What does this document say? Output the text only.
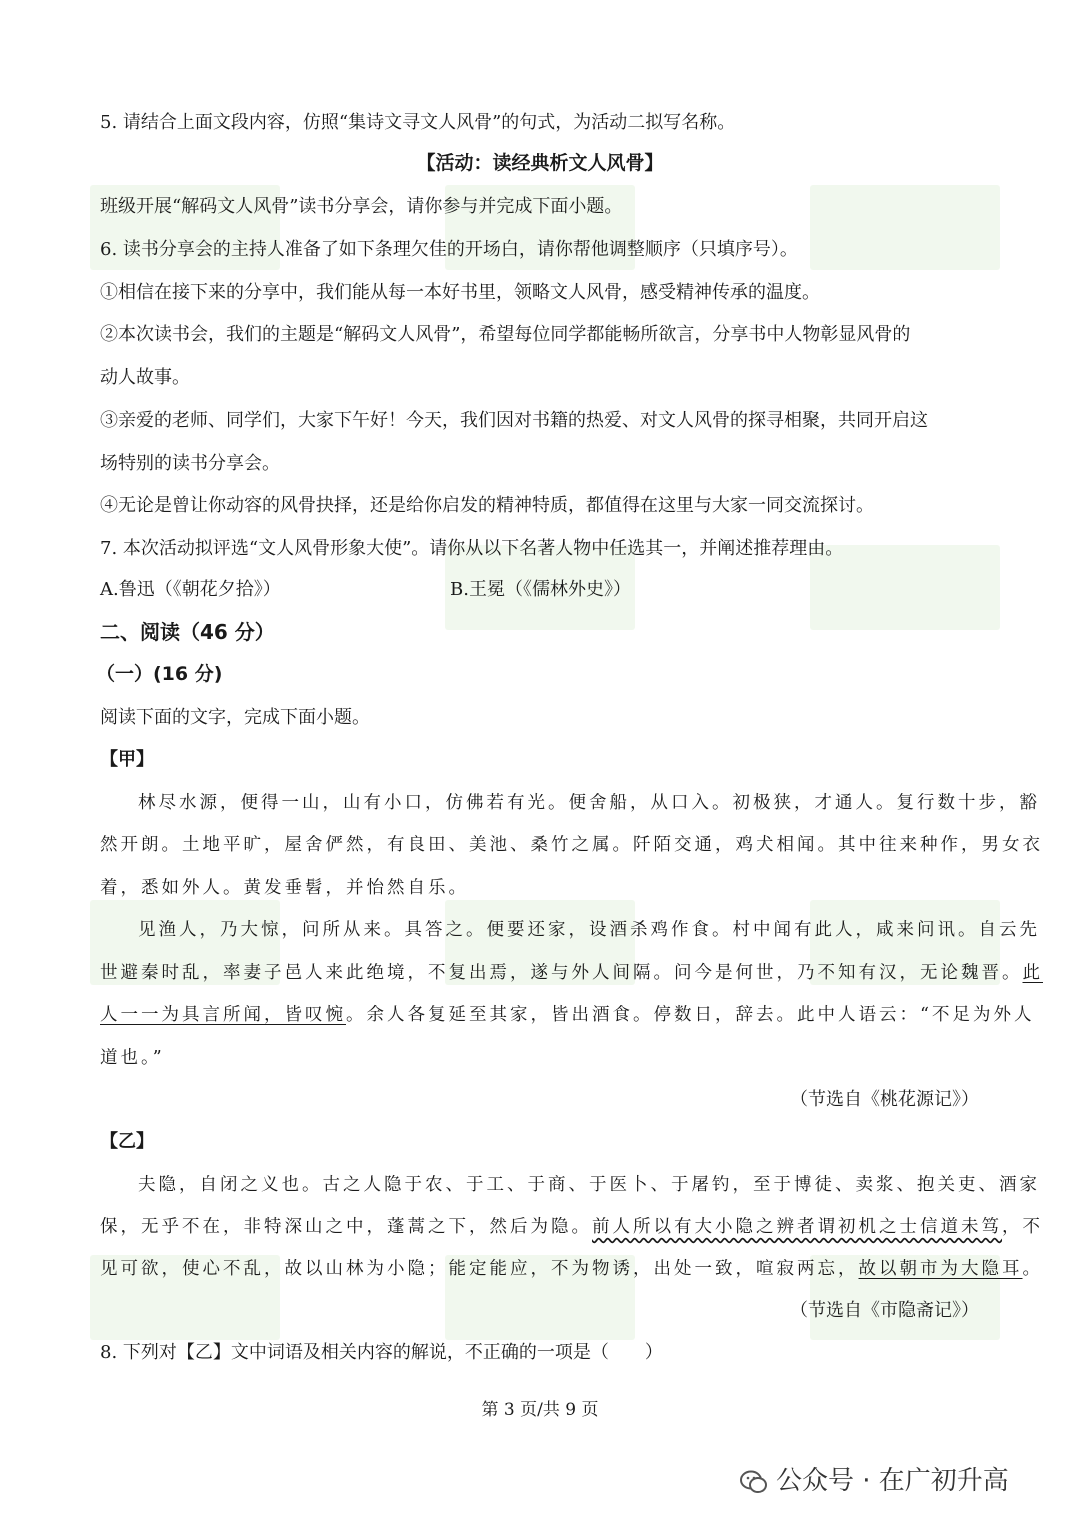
5. 请结合上面文段内容，仿照“集诗文寻文人风骨”的句式，为活动二拟写名称。
【活动：读经典析文人风骨】
班级开展“解码文人风骨”读书分享会，请你参与并完成下面小题。
6. 读书分享会的主持人准备了如下条理欠佳的开场白，请你帮他调整顺序（只填序号）。
①相信在接下来的分享中，我们能从每一本好书里，领略文人风骨，感受精神传承的温度。
②本次读书会，我们的主题是“解码文人风骨”，希望每位同学都能畅所欲言，分享书中人物彰显风骨的
动人故事。
③亲爱的老师、同学们，大家下午好！今天，我们因对书籍的热爱、对文人风骨的探寻相聚，共同开启这
场特别的读书分享会。
④无论是曾让你动容的风骨抉择，还是给你启发的精神特质，都值得在这里与大家一同交流探讨。
7. 本次活动拟评选“文人风骨形象大使”。请你从以下名著人物中任选其一，并阐述推荐理由。
A.鲁迅（《朝花夕拾》）	B.王冕（《儒林外史》）
二、阅读（46 分）
（一）(16 分)
阅读下面的文字，完成下面小题。
【甲】
林尽水源，便得一山，山有小口，仿佛若有光。便舍船，从口入。初极狭，才通人。复行数十步，豁
然开朗。土地平旷，屋舍俨然，有良田、美池、桑竹之属。阡陌交通，鸡犬相闻。其中往来种作，男女衣
着，悉如外人。黄发垂髫，并怡然自乐。
见渔人，乃大惊，问所从来。具答之。便要还家，设酒杀鸡作食。村中闻有此人，咸来问讯。自云先
世避秦时乱，率妻子邑人来此绝境，不复出焉，遂与外人间隔。问今是何世，乃不知有汉，无论魏晋。此
人一一为具言所闻，皆叹惋。余人各复延至其家，皆出酒食。停数日，辞去。此中人语云：“不足为外人
道也。”
（节选自《桃花源记》）
【乙】
夫隐，自闭之义也。古之人隐于农、于工、于商、于医卜、于屠钓，至于博徒、卖浆、抱关吏、酒家
保，无乎不在，非特深山之中，蓬蒿之下，然后为隐。前人所以有大小隐之辨者谓初机之士信道未笃，不
见可欲，使心不乱，故以山林为小隐；能定能应，不为物诱，出处一致，喧寂两忘，故以朝市为大隐耳。
（节选自《市隐斋记》）
8. 下列对【乙】文中词语及相关内容的解说，不正确的一项是（　　）
第 3 页/共 9 页
公众号 · 在广初升高
